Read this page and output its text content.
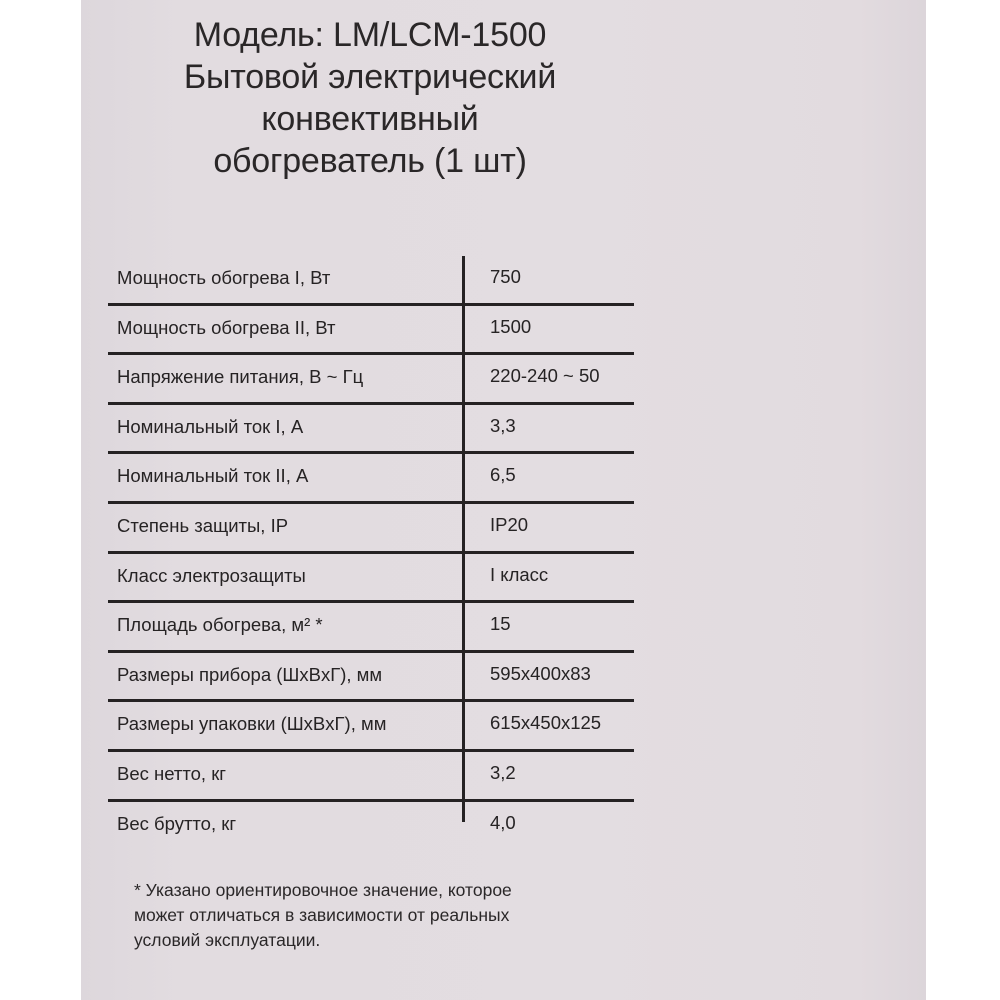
Модель: LM/LCM-1500
Бытовой электрический
конвективный
обогреватель (1 шт)
Мощность обогрева I, Вт	750
Мощность обогрева II, Вт	1500
Напряжение питания, В ~ Гц	220-240 ~ 50
Номинальный ток I, А	3,3
Номинальный ток II, А	6,5
Степень защиты, IP	IP20
Класс электрозащиты	I класс
Площадь обогрева, м² *	15
Размеры прибора (ШxВxГ), мм	595x400x83
Размеры упаковки (ШxВxГ), мм	615x450x125
Вес нетто, кг	3,2
Вес брутто, кг	4,0
* Указано ориентировочное значение, которое
может отличаться в зависимости от реальных
условий эксплуатации.
